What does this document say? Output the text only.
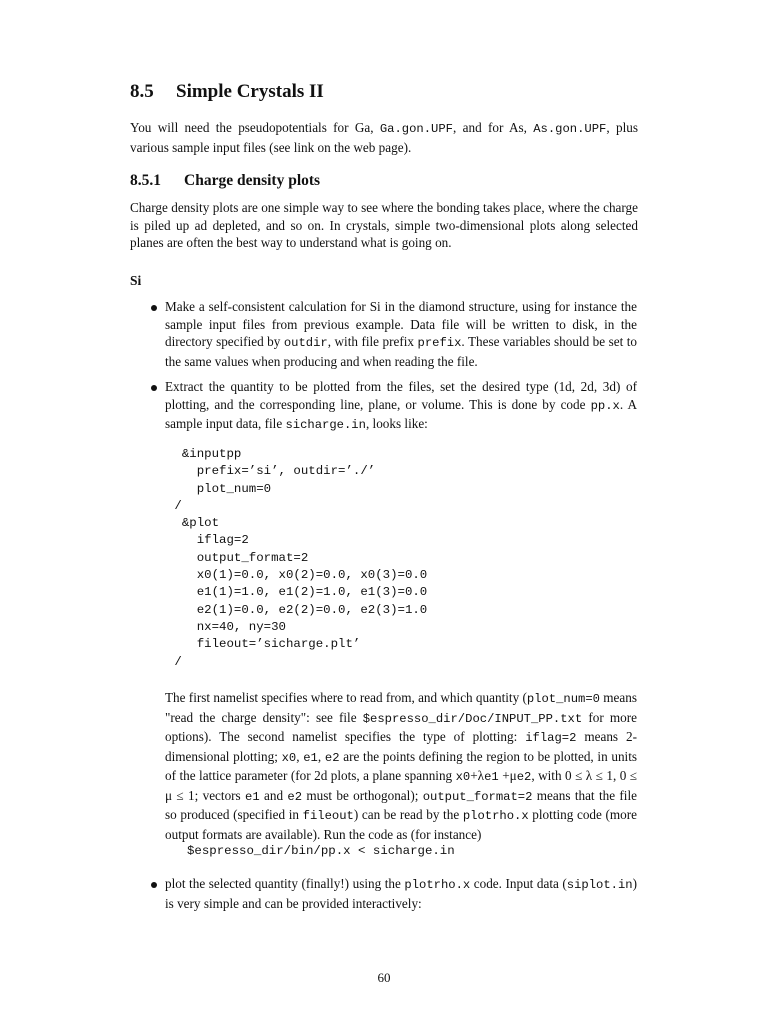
8.5 Simple Crystals II

You will need the pseudopotentials for Ga, Ga.gon.UPF, and for As, As.gon.UPF, plus various sample input files (see link on the web page).

8.5.1 Charge density plots

Charge density plots are one simple way to see where the bonding takes place, where the charge is piled up ad depleted, and so on. In crystals, simple two-dimensional plots along selected planes are often the best way to understand what is going on.

Si

Make a self-consistent calculation for Si in the diamond structure, using for instance the sample input files from previous example. Data file will be written to disk, in the directory specified by outdir, with file prefix prefix. These variables should be set to the same values when producing and when reading the file.

Extract the quantity to be plotted from the files, set the desired type (1d, 2d, 3d) of plotting, and the corresponding line, plane, or volume. This is done by code pp.x. A sample input data, file sicharge.in, looks like:

&inputpp
prefix=’si’, outdir=’./’
plot_num=0
/
&plot
iflag=2
output_format=2
x0(1)=0.0, x0(2)=0.0, x0(3)=0.0
e1(1)=1.0, e1(2)=1.0, e1(3)=0.0
e2(1)=0.0, e2(2)=0.0, e2(3)=1.0
nx=40, ny=30
fileout=’sicharge.plt’
/

The first namelist specifies where to read from, and which quantity (plot_num=0 means "read the charge density": see file $espresso_dir/Doc/INPUT_PP.txt for more options). The second namelist specifies the type of plotting: iflag=2 means 2-dimensional plotting; x0, e1, e2 are the points defining the region to be plotted, in units of the lattice parameter (for 2d plots, a plane spanning x0+λe1 +μe2, with 0 ≤ λ ≤ 1, 0 ≤ μ ≤ 1; vectors e1 and e2 must be orthogonal); output_format=2 means that the file so produced (specified in fileout) can be read by the plotrho.x plotting code (more output formats are available). Run the code as (for instance)

$espresso_dir/bin/pp.x < sicharge.in

plot the selected quantity (finally!) using the plotrho.x code. Input data (siplot.in) is very simple and can be provided interactively:

60
